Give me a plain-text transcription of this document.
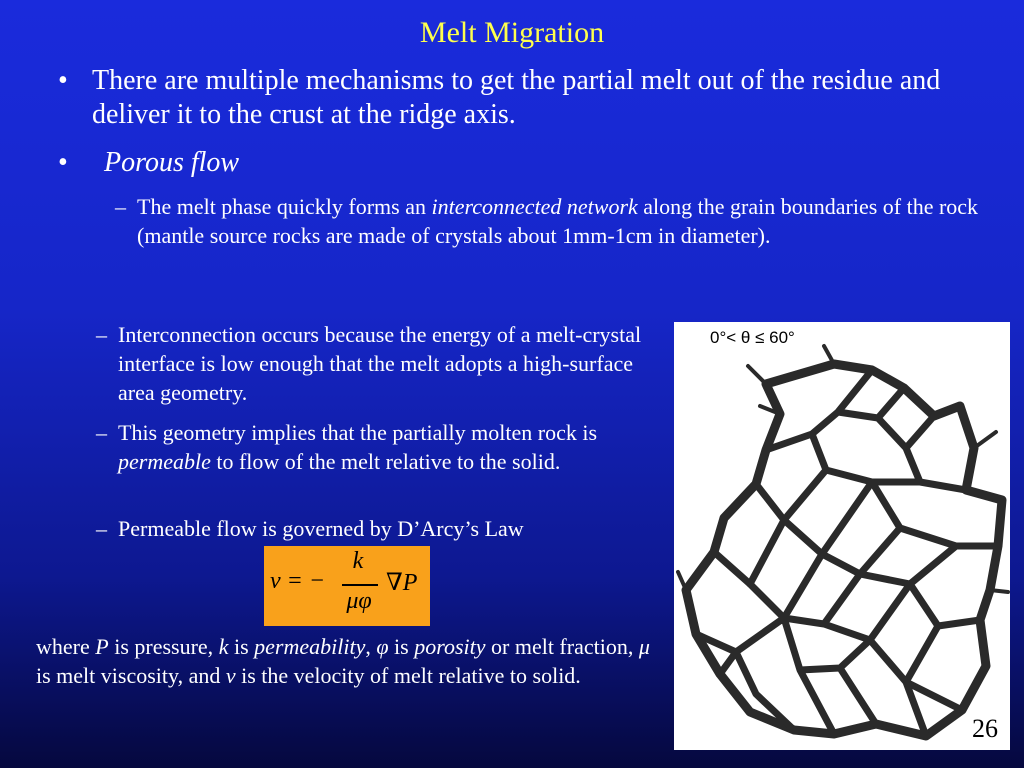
Melt Migration
• There are multiple mechanisms to get the partial melt out of the residue and deliver it to the crust at the ridge axis.
• Porous flow
– The melt phase quickly forms an interconnected network along the grain boundaries of the rock (mantle source rocks are made of crystals about 1mm-1cm in diameter).
– Interconnection occurs because the energy of a melt-crystal interface is low enough that the melt adopts a high-surface area geometry.
– This geometry implies that the partially molten rock is permeable to flow of the melt relative to the solid.
– Permeable flow is governed by D’Arcy’s Law
v = −
k
μφ
∇P
where P is pressure, k is permeability, φ is porosity or melt fraction, μ is melt viscosity, and v is the velocity of melt relative to solid.
0°< θ ≤ 60°
26
